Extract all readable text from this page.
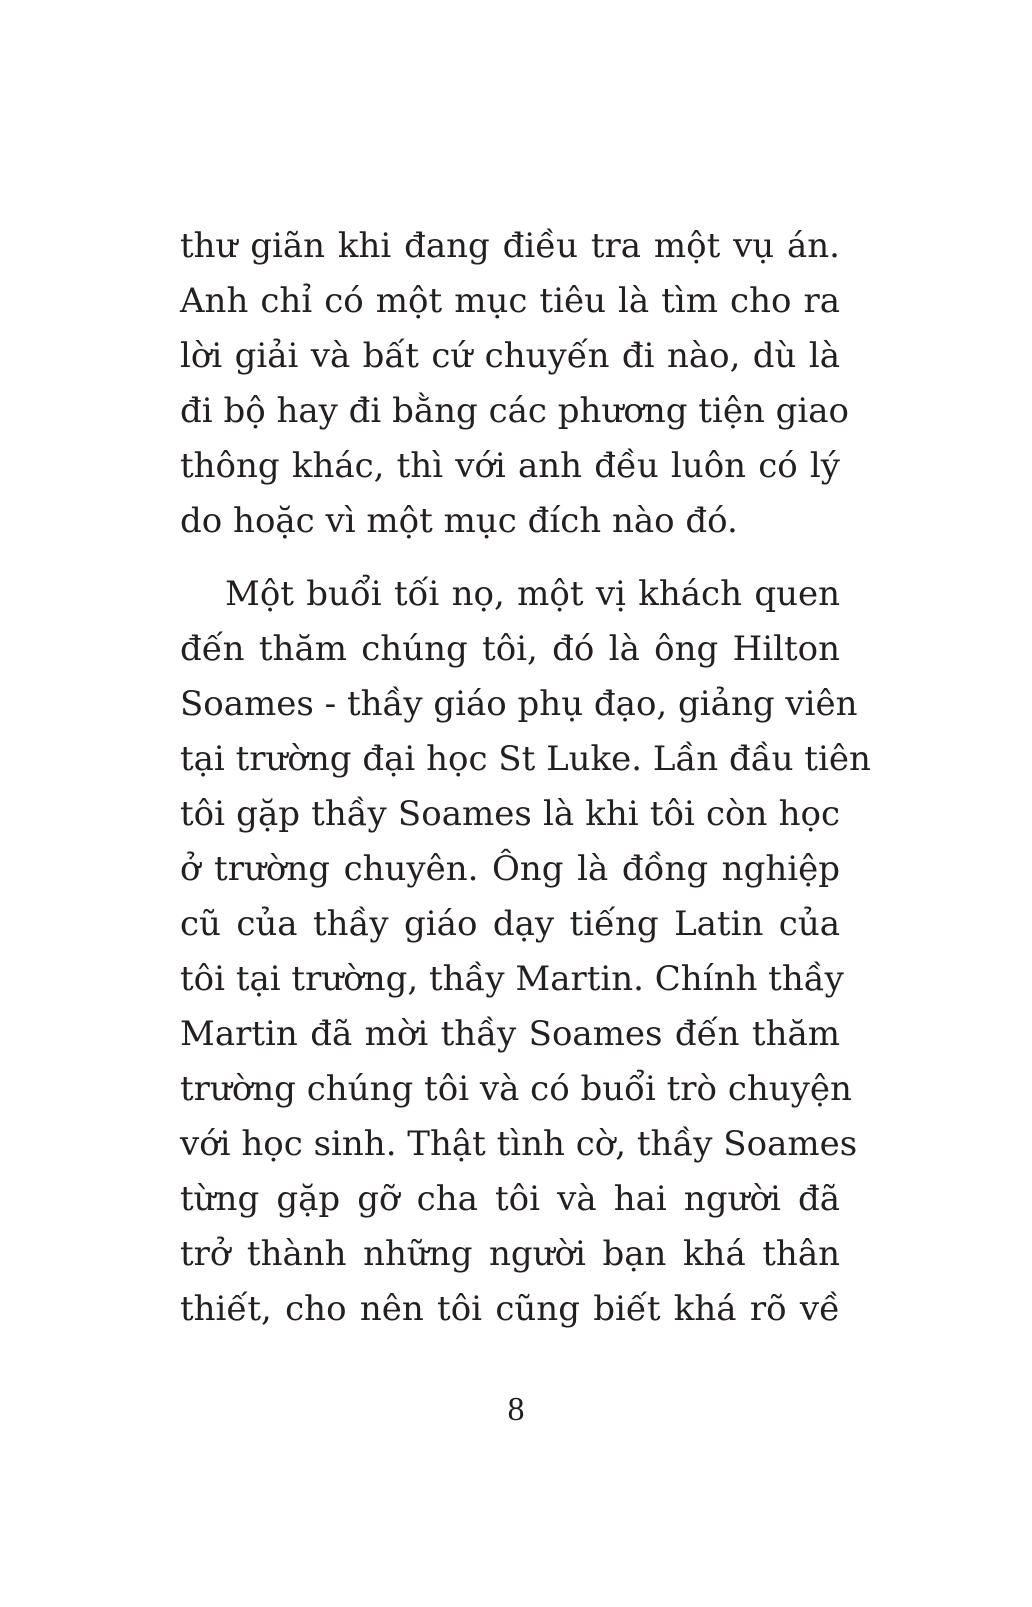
thư giãn khi đang điều tra một vụ án.
Anh chỉ có một mục tiêu là tìm cho ra
lời giải và bất cứ chuyến đi nào, dù là
đi bộ hay đi bằng các phương tiện giao
thông khác, thì với anh đều luôn có lý
do hoặc vì một mục đích nào đó.
Một buổi tối nọ, một vị khách quen
đến thăm chúng tôi, đó là ông Hilton
Soames - thầy giáo phụ đạo, giảng viên
tại trường đại học St Luke. Lần đầu tiên
tôi gặp thầy Soames là khi tôi còn học
ở trường chuyên. Ông là đồng nghiệp
cũ của thầy giáo dạy tiếng Latin của
tôi tại trường, thầy Martin. Chính thầy
Martin đã mời thầy Soames đến thăm
trường chúng tôi và có buổi trò chuyện
với học sinh. Thật tình cờ, thầy Soames
từng gặp gỡ cha tôi và hai người đã
trở thành những người bạn khá thân
thiết, cho nên tôi cũng biết khá rõ về
8
